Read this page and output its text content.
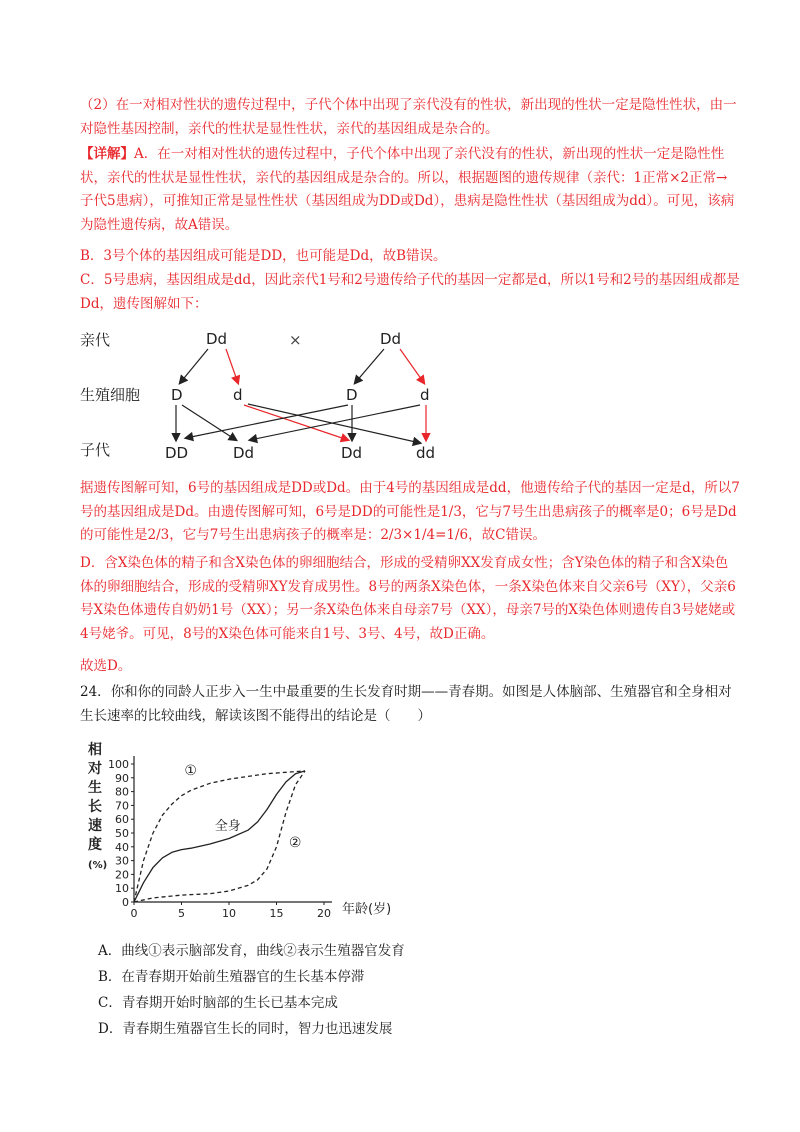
（2）在一对相对性状的遗传过程中，子代个体中出现了亲代没有的性状，新出现的性状一定是隐性性状，由一对隐性基因控制，亲代的性状是显性性状，亲代的基因组成是杂合的。
【详解】A．在一对相对性状的遗传过程中，子代个体中出现了亲代没有的性状，新出现的性状一定是隐性性状，亲代的性状是显性性状，亲代的基因组成是杂合的。所以，根据题图的遗传规律（亲代：1正常×2正常→子代5患病），可推知正常是显性性状（基因组成为DD或Dd），患病是隐性性状（基因组成为dd）。可见，该病为隐性遗传病，故A错误。
B．3号个体的基因组成可能是DD，也可能是Dd，故B错误。
C．5号患病，基因组成是dd，因此亲代1号和2号遗传给子代的基因一定都是d，所以1号和2号的基因组成都是Dd，遗传图解如下：
亲代
生殖细胞
子代
Dd	×	Dd
D	d	D	d
DD	Dd	Dd	dd
据遗传图解可知，6号的基因组成是DD或Dd。由于4号的基因组成是dd，他遗传给子代的基因一定是d，所以7号的基因组成是Dd。由遗传图解可知，6号是DD的可能性是1/3，它与7号生出患病孩子的概率是0；6号是Dd的可能性是2/3，它与7号生出患病孩子的概率是：2/3×1/4=1/6，故C错误。
D．含X染色体的精子和含X染色体的卵细胞结合，形成的受精卵XX发育成女性；含Y染色体的精子和含X染色体的卵细胞结合，形成的受精卵XY发育成男性。8号的两条X染色体，一条X染色体来自父亲6号（XY），父亲6号X染色体遗传自奶奶1号（XX）；另一条X染色体来自母亲7号（XX），母亲7号的X染色体则遗传自3号姥姥或4号姥爷。可见，8号的X染色体可能来自1号、3号、4号，故D正确。
故选D。
24．你和你的同龄人正步入一生中最重要的生长发育时期——青春期。如图是人体脑部、生殖器官和全身相对生长速率的比较曲线，解读该图不能得出的结论是（　　）
相
对
生
长
速
度
(%)
年龄(岁)
0
10
20
30
40
50
60
70
80
90
100
0	5	10	15	20
①
全身
②
A．曲线①表示脑部发育，曲线②表示生殖器官发育
B．在青春期开始前生殖器官的生长基本停滞
C．青春期开始时脑部的生长已基本完成
D．青春期生殖器官生长的同时，智力也迅速发展
